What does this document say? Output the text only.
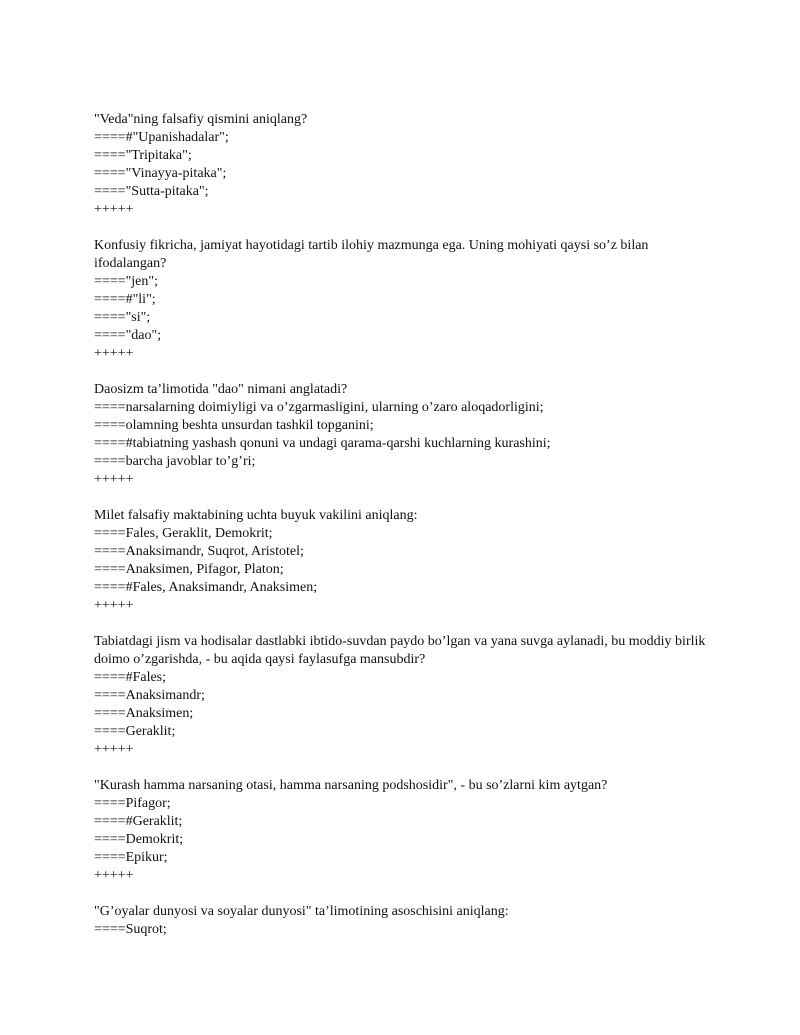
"Veda"ning falsafiy qismini aniqlang?
====#"Upanishadalar";
===="Tripitaka";
===="Vinayya-pitaka";
===="Sutta-pitaka";
+++++
Konfusiy fikricha, jamiyat hayotidagi tartib ilohiy mazmunga ega. Uning mohiyati qaysi so’z bilan ifodalangan?
===="jen";
====#"li";
===="si";
===="dao";
+++++
Daosizm ta’limotida "dao" nimani anglatadi?
====narsalarning doimiyligi va o’zgarmasligini, ularning o’zaro aloqadorligini;
====olamning beshta unsurdan tashkil topganini;
====#tabiatning yashash qonuni va undagi qarama-qarshi kuchlarning kurashini;
====barcha javoblar to’g’ri;
+++++
Milet falsafiy maktabining uchta buyuk vakilini aniqlang:
====Fales, Geraklit, Demokrit;
====Anaksimandr, Suqrot, Aristotel;
====Anaksimen, Pifagor, Platon;
====#Fales, Anaksimandr, Anaksimen;
+++++
Tabiatdagi jism va hodisalar dastlabki ibtido-suvdan paydo bo’lgan va yana suvga aylanadi, bu moddiy birlik doimo o’zgarishda, - bu aqida qaysi faylasufga mansubdir?
====#Fales;
====Anaksimandr;
====Anaksimen;
====Geraklit;
+++++
"Kurash hamma narsaning otasi, hamma narsaning podshosidir", - bu so’zlarni kim aytgan?
====Pifagor;
====#Geraklit;
====Demokrit;
====Epikur;
+++++
"G’oyalar dunyosi va soyalar dunyosi" ta’limotining asoschisini aniqlang:
====Suqrot;
